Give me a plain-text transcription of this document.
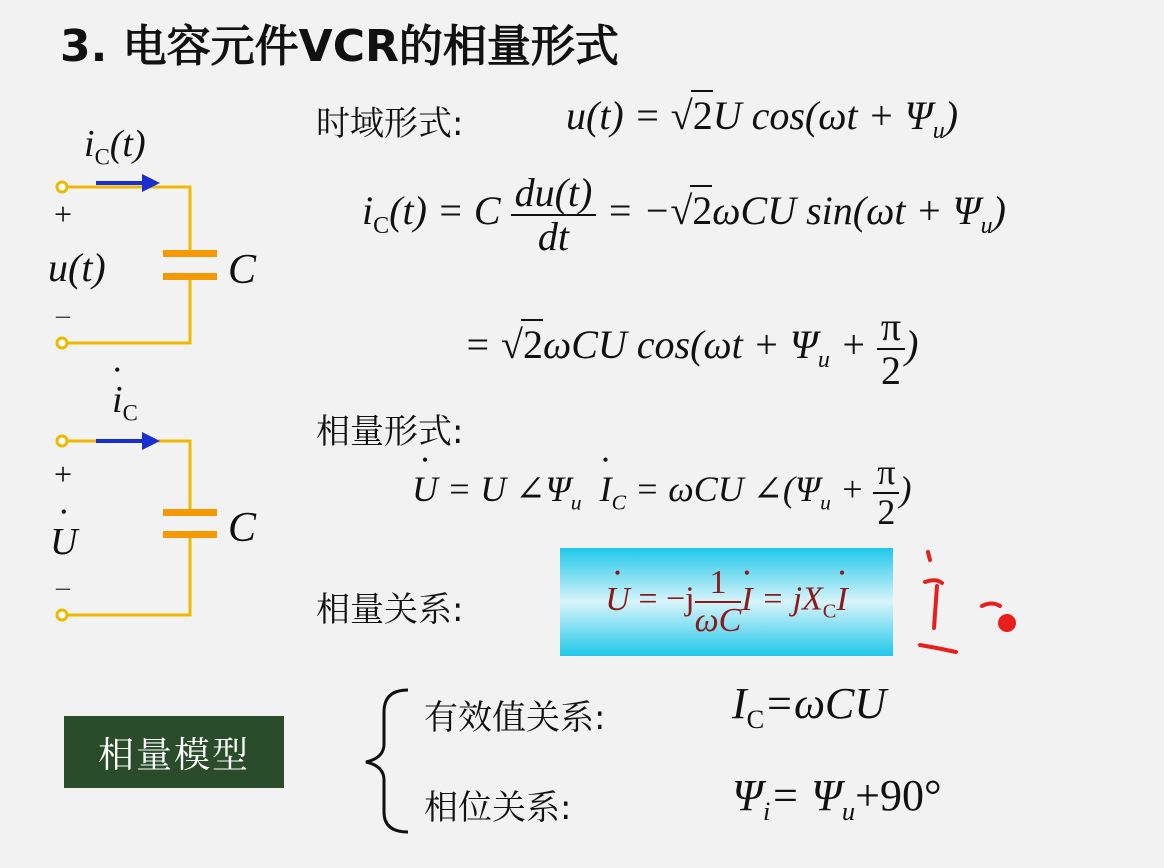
3. 电容元件VCR的相量形式
$i_C(t)$
+
u(t)
–
C
• $i_C$
+
• U
–
C
时域形式:	u(t) = √2U $\cos(\omega t + \Psi_u)$
$i_C(t) = C \frac{du(t)}{dt} = -√2\omega CU$ $\sin(\omega t + \Psi_u)$
= √2ωCU $\cos(\omega t + \Psi_u + \frac{\pi}{2}$ )
相量形式:
• U = U $\angle\Psi_u$ • $I_C = \omega CU$ $\angle(\Psi_u + \frac{\pi}{2}$ )
相量关系:	• $U = -j \frac{1}{\omega C}$ • $I = jX_C•$ I
相量模型
有效值关系:	$I_C=\omega CU$
相位关系:	$\Psi_i= \Psi_u+90^\circ$
